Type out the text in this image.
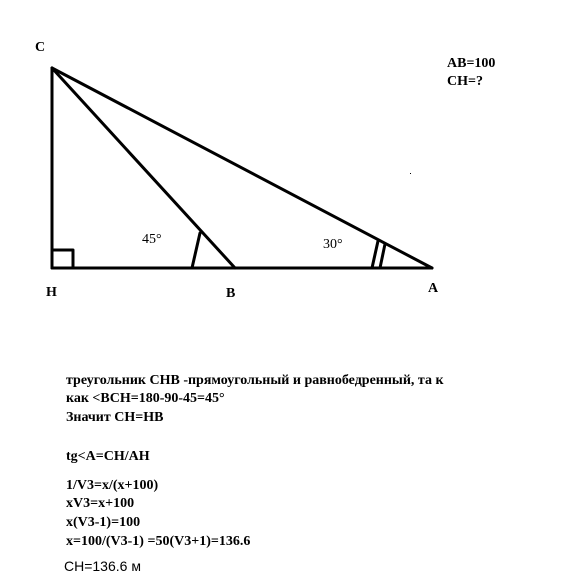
C
H	B	A
45°	30°
AB=100
CH=?
треугольник CHB -прямоугольный и равнобедренный, та к
как <BCH=180-90-45=45°
Значит CH=HB
tg<A=CH/AH
1/V3=x/(x+100)
xV3=x+100
x(V3-1)=100
x=100/(V3-1) =50(V3+1)=136.6
CH=136.6 м
